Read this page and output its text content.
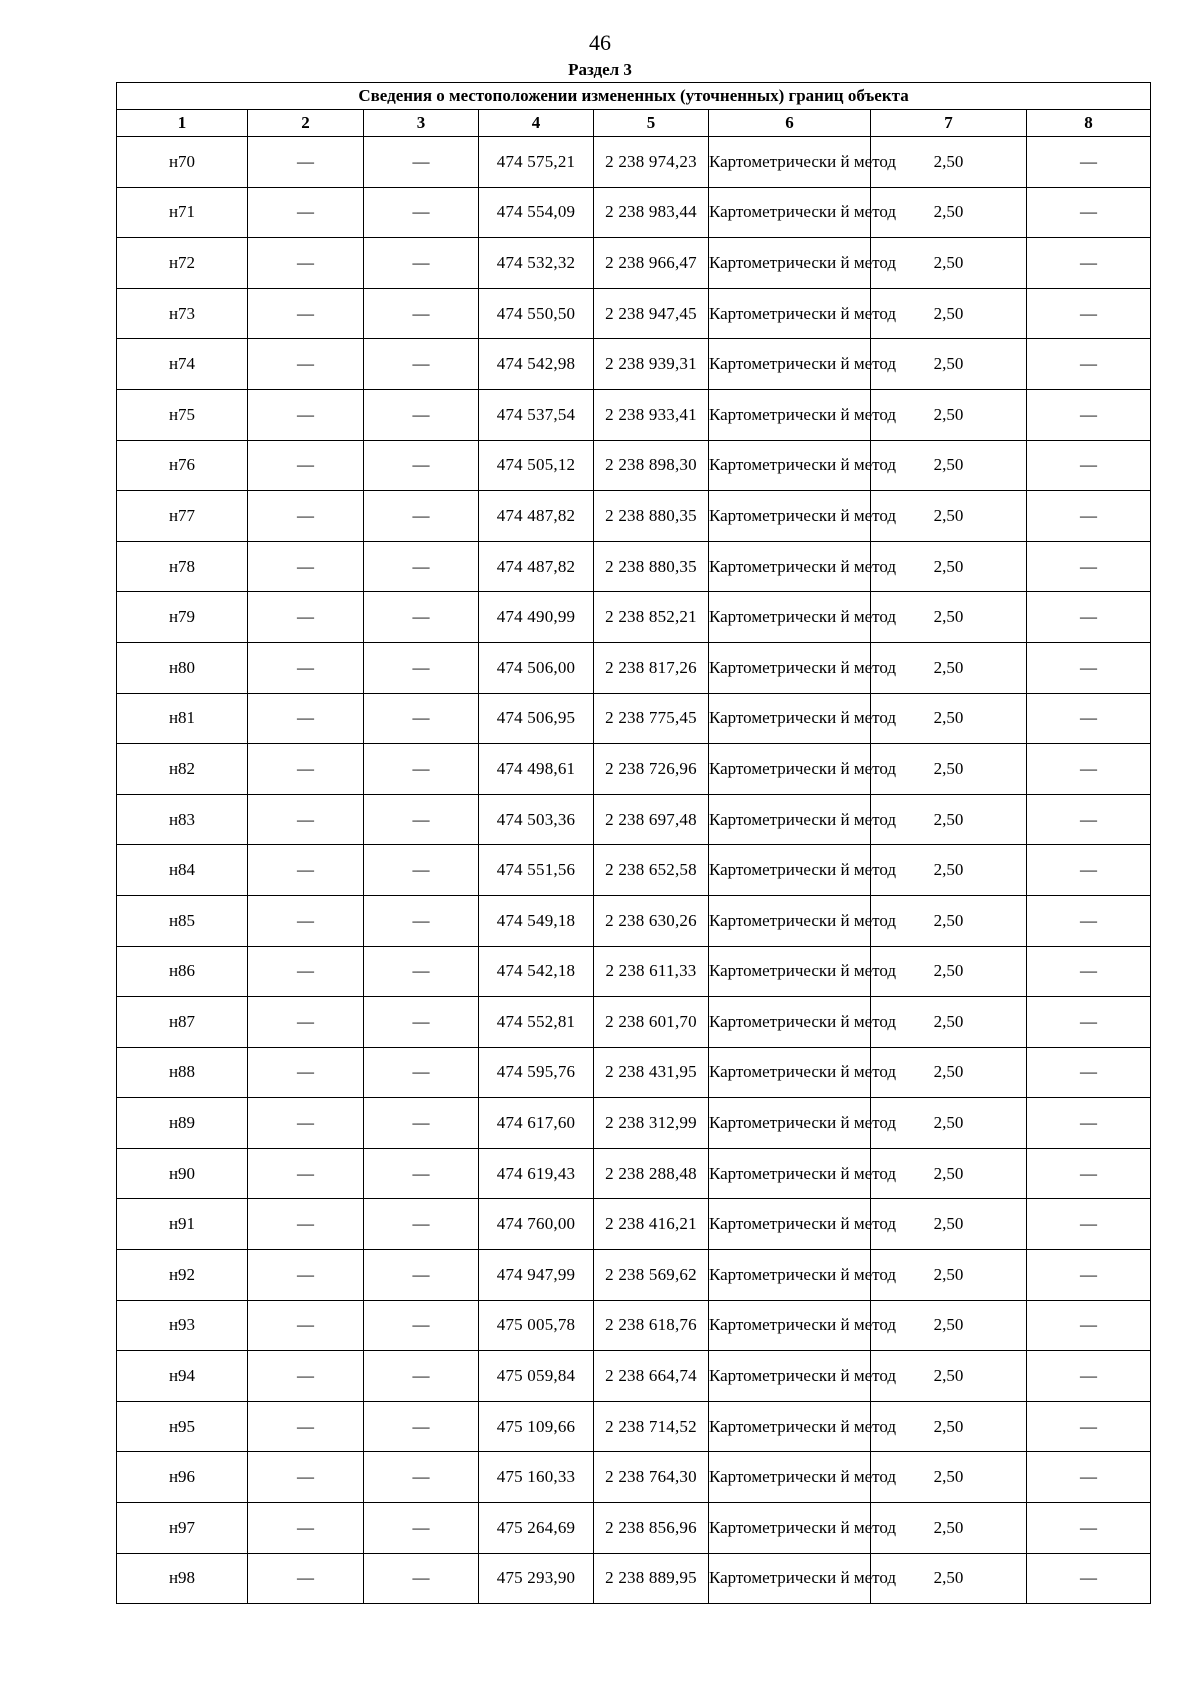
46
Раздел 3
Сведения о местоположении измененных (уточненных) границ объекта							
1	2	3	4	5	6	7	8
н70	—	—	474 575,21	2 238 974,23	Картометрически й метод	2,50	—
н71	—	—	474 554,09	2 238 983,44	Картометрически й метод	2,50	—
н72	—	—	474 532,32	2 238 966,47	Картометрически й метод	2,50	—
н73	—	—	474 550,50	2 238 947,45	Картометрически й метод	2,50	—
н74	—	—	474 542,98	2 238 939,31	Картометрически й метод	2,50	—
н75	—	—	474 537,54	2 238 933,41	Картометрически й метод	2,50	—
н76	—	—	474 505,12	2 238 898,30	Картометрически й метод	2,50	—
н77	—	—	474 487,82	2 238 880,35	Картометрически й метод	2,50	—
н78	—	—	474 487,82	2 238 880,35	Картометрически й метод	2,50	—
н79	—	—	474 490,99	2 238 852,21	Картометрически й метод	2,50	—
н80	—	—	474 506,00	2 238 817,26	Картометрически й метод	2,50	—
н81	—	—	474 506,95	2 238 775,45	Картометрически й метод	2,50	—
н82	—	—	474 498,61	2 238 726,96	Картометрически й метод	2,50	—
н83	—	—	474 503,36	2 238 697,48	Картометрически й метод	2,50	—
н84	—	—	474 551,56	2 238 652,58	Картометрически й метод	2,50	—
н85	—	—	474 549,18	2 238 630,26	Картометрически й метод	2,50	—
н86	—	—	474 542,18	2 238 611,33	Картометрически й метод	2,50	—
н87	—	—	474 552,81	2 238 601,70	Картометрически й метод	2,50	—
н88	—	—	474 595,76	2 238 431,95	Картометрически й метод	2,50	—
н89	—	—	474 617,60	2 238 312,99	Картометрически й метод	2,50	—
н90	—	—	474 619,43	2 238 288,48	Картометрически й метод	2,50	—
н91	—	—	474 760,00	2 238 416,21	Картометрически й метод	2,50	—
н92	—	—	474 947,99	2 238 569,62	Картометрически й метод	2,50	—
н93	—	—	475 005,78	2 238 618,76	Картометрически й метод	2,50	—
н94	—	—	475 059,84	2 238 664,74	Картометрически й метод	2,50	—
н95	—	—	475 109,66	2 238 714,52	Картометрически й метод	2,50	—
н96	—	—	475 160,33	2 238 764,30	Картометрически й метод	2,50	—
н97	—	—	475 264,69	2 238 856,96	Картометрически й метод	2,50	—
н98	—	—	475 293,90	2 238 889,95	Картометрически й метод	2,50	—
